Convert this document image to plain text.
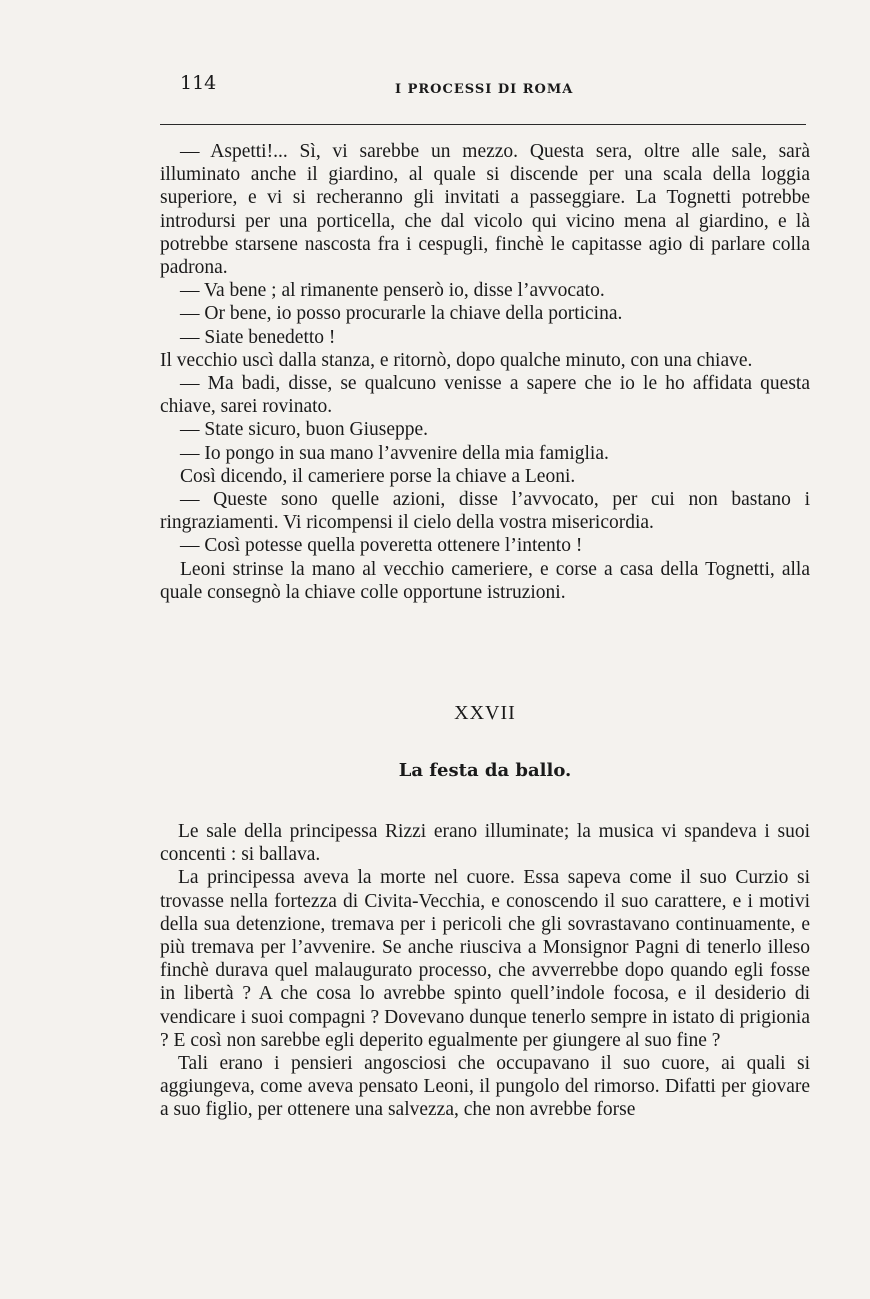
114	I PROCESSI DI ROMA

— Aspetti!... Sì, vi sarebbe un mezzo. Questa sera, oltre alle sale, sarà illuminato anche il giardino, al quale si discende per una scala della loggia superiore, e vi si recheranno gli invitati a passeggiare. La Tognetti potrebbe introdursi per una porticella, che dal vicolo qui vicino mena al giardino, e là potrebbe starsene nascosta fra i cespugli, finchè le capitasse agio di parlare colla padrona.

— Va bene ; al rimanente penserò io, disse l’avvocato.

— Or bene, io posso procurarle la chiave della porticina.

— Siate benedetto !

Il vecchio uscì dalla stanza, e ritornò, dopo qualche minuto, con una chiave.

— Ma badi, disse, se qualcuno venisse a sapere che io le ho affidata questa chiave, sarei rovinato.

— State sicuro, buon Giuseppe.

— Io pongo in sua mano l’avvenire della mia famiglia.

Così dicendo, il cameriere porse la chiave a Leoni.

— Queste sono quelle azioni, disse l’avvocato, per cui non bastano i ringraziamenti. Vi ricompensi il cielo della vostra misericordia.

— Così potesse quella poveretta ottenere l’intento !

Leoni strinse la mano al vecchio cameriere, e corse a casa della Tognetti, alla quale consegnò la chiave colle opportune istruzioni.

XXVII
La festa da ballo.

Le sale della principessa Rizzi erano illuminate; la musica vi spandeva i suoi concenti : si ballava.

La principessa aveva la morte nel cuore. Essa sapeva come il suo Curzio si trovasse nella fortezza di Civita-Vecchia, e conoscendo il suo carattere, e i motivi della sua detenzione, tremava per i pericoli che gli sovrastavano continuamente, e più tremava per l’avvenire. Se anche riusciva a Monsignor Pagni di tenerlo illeso finchè durava quel malaugurato processo, che avverrebbe dopo quando egli fosse in libertà ? A che cosa lo avrebbe spinto quell’indole focosa, e il desiderio di vendicare i suoi compagni ? Dovevano dunque tenerlo sempre in istato di prigionia ? E così non sarebbe egli deperito egualmente per giungere al suo fine ?

Tali erano i pensieri angosciosi che occupavano il suo cuore, ai quali si aggiungeva, come aveva pensato Leoni, il pungolo del rimorso. Difatti per giovare a suo figlio, per ottenere una salvezza, che non avrebbe forse
